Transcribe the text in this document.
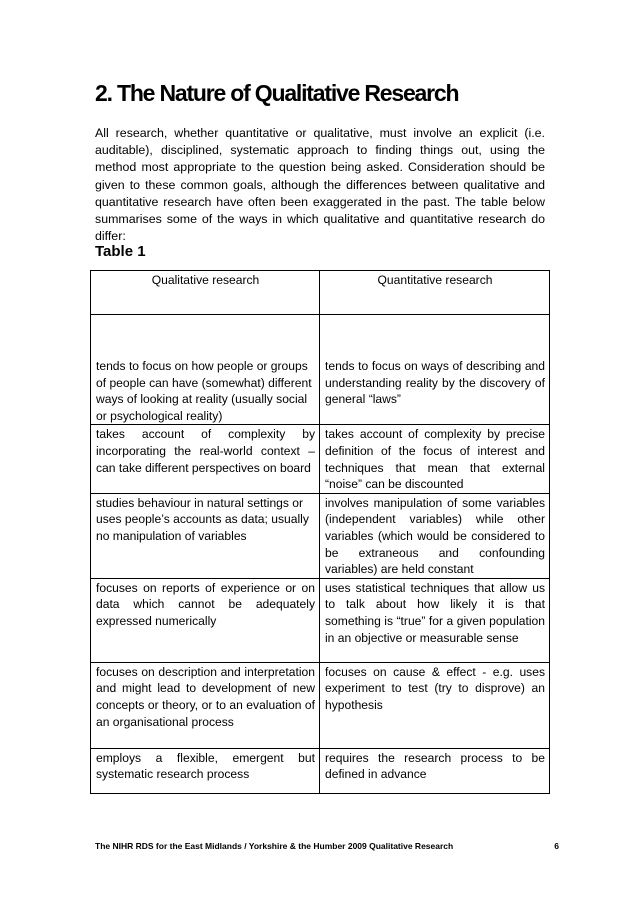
2. The Nature of Qualitative Research

All research, whether quantitative or qualitative, must involve an explicit (i.e. auditable), disciplined, systematic approach to finding things out, using the method most appropriate to the question being asked. Consideration should be given to these common goals, although the differences between qualitative and quantitative research have often been exaggerated in the past. The table below summarises some of the ways in which qualitative and quantitative research do differ:

Table 1
Qualitative research	Quantitative research

tends to focus on how people or groups of people can have (somewhat) different ways of looking at reality (usually social or psychological reality)	tends to focus on ways of describing and understanding reality by the discovery of general “laws”

takes account of complexity by incorporating the real-world context – can take different perspectives on board	takes account of complexity by precise definition of the focus of interest and techniques that mean that external “noise” can be discounted

studies behaviour in natural settings or uses people’s accounts as data; usually no manipulation of variables	involves manipulation of some variables (independent variables) while other variables (which would be considered to be extraneous and confounding variables) are held constant

focuses on reports of experience or on data which cannot be adequately expressed numerically	uses statistical techniques that allow us to talk about how likely it is that something is “true” for a given population in an objective or measurable sense

focuses on description and interpretation and might lead to development of new concepts or theory, or to an evaluation of an organisational process	focuses on cause & effect - e.g. uses experiment to test (try to disprove) an hypothesis

employs a flexible, emergent but systematic research process	requires the research process to be defined in advance
The NIHR RDS for the East Midlands / Yorkshire & the Humber 2009 Qualitative Research	6
